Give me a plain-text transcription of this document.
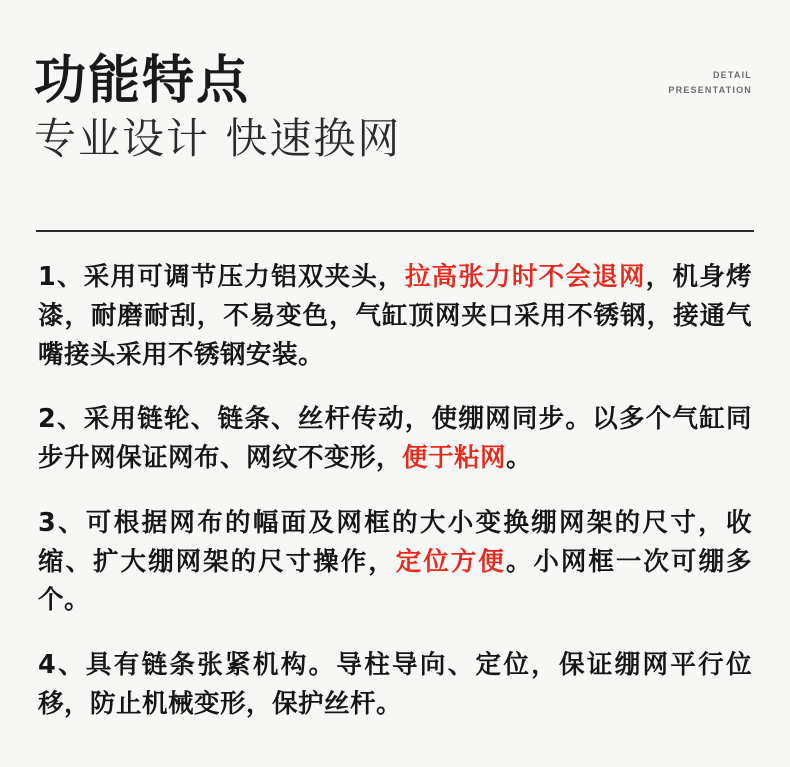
功能特点
专业设计 快速换网
DETAIL
PRESENTATION

1、采用可调节压力铝双夹头，拉高张力时不会退网，机身烤漆，耐磨耐刮，不易变色，气缸顶网夹口采用不锈钢，接通气嘴接头采用不锈钢安装。

2、采用链轮、链条、丝杆传动，使绷网同步。以多个气缸同步升网保证网布、网纹不变形，便于粘网。

3、可根据网布的幅面及网框的大小变换绷网架的尺寸，收缩、扩大绷网架的尺寸操作，定位方便。小网框一次可绷多个。

4、具有链条张紧机构。导柱导向、定位，保证绷网平行位移，防止机械变形，保护丝杆。
